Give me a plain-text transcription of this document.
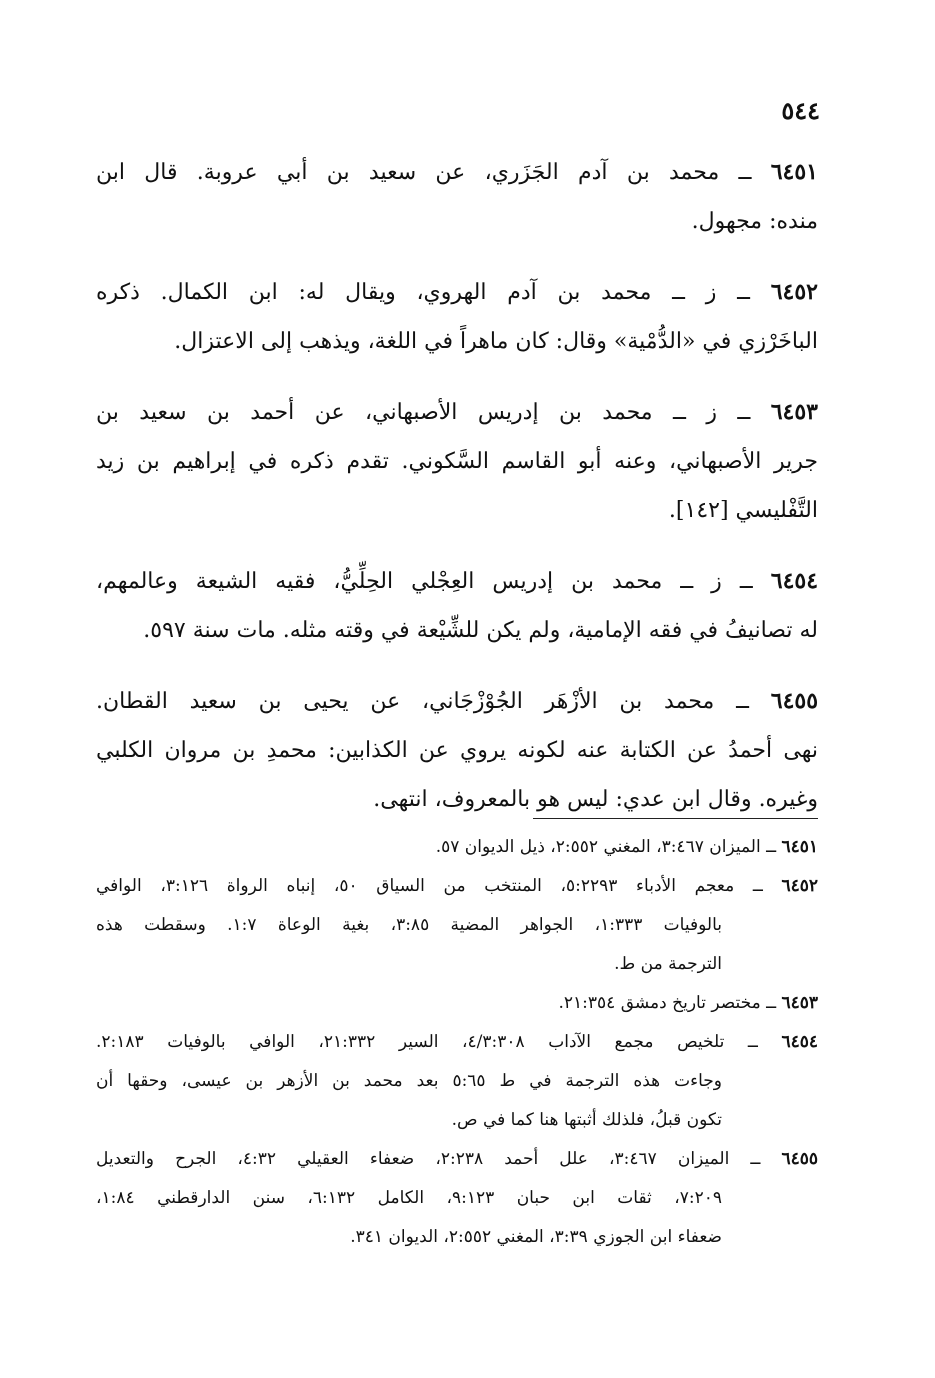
٥٤٤
٦٤٥١ ــ محمد بن آدم الجَزَري، عن سعيد بن أبي عروبة. قال ابن
منده: مجهول.
٦٤٥٢ ــ ز ــ محمد بن آدم الهروي، ويقال له: ابن الكمال. ذكره
الباخَرْزي في «الدُّمْية» وقال: كان ماهراً في اللغة، ويذهب إلى الاعتزال.
٦٤٥٣ ــ ز ــ محمد بن إدريس الأصبهاني، عن أحمد بن سعيد بن
جرير الأصبهاني، وعنه أبو القاسم السَّكوني. تقدم ذكره في إبراهيم بن زيد
التَّفْليسي [١٤٢].
٦٤٥٤ ــ ز ــ محمد بن إدريس العِجْلي الحِلِّيُّ، فقيه الشيعة وعالمهم،
له تصانيفُ في فقه الإمامية، ولم يكن للشِّيْعة في وقته مثله. مات سنة ٥٩٧.
٦٤٥٥ ــ محمد بن الأزْهَر الجُوْزْجَاني، عن يحيى بن سعيد القطان.
نهى أحمدُ عن الكتابة عنه لكونه يروي عن الكذابين: محمدِ بن مروان الكلبي
وغيره. وقال ابن عدي: ليس هو بالمعروف، انتهى.
٦٤٥١ ــ الميزان ٣:٤٦٧، المغني ٢:٥٥٢، ذيل الديوان ٥٧.
٦٤٥٢ ــ معجم الأدباء ٥:٢٢٩٣، المنتخب من السياق ٥٠، إنباه الرواة ٣:١٢٦، الوافي
بالوفيات ١:٣٣٣، الجواهر المضية ٣:٨٥، بغية الوعاة ١:٧. وسقطت هذه
الترجمة من ط.
٦٤٥٣ ــ مختصر تاريخ دمشق ٢١:٣٥٤.
٦٤٥٤ ــ تلخيص مجمع الآداب ٤/٣:٣٠٨، السير ٢١:٣٣٢، الوافي بالوفيات ٢:١٨٣.
وجاءت هذه الترجمة في ط ٥:٦٥ بعد محمد بن الأزهر بن عيسى، وحقها أن
تكون قبلُ، فلذلك أثبتها هنا كما في ص.
٦٤٥٥ ــ الميزان ٣:٤٦٧، علل أحمد ٢:٢٣٨، ضعفاء العقيلي ٤:٣٢، الجرح والتعديل
٧:٢٠٩، ثقات ابن حبان ٩:١٢٣، الكامل ٦:١٣٢، سنن الدارقطني ١:٨٤،
ضعفاء ابن الجوزي ٣:٣٩، المغني ٢:٥٥٢، الديوان ٣٤١.
